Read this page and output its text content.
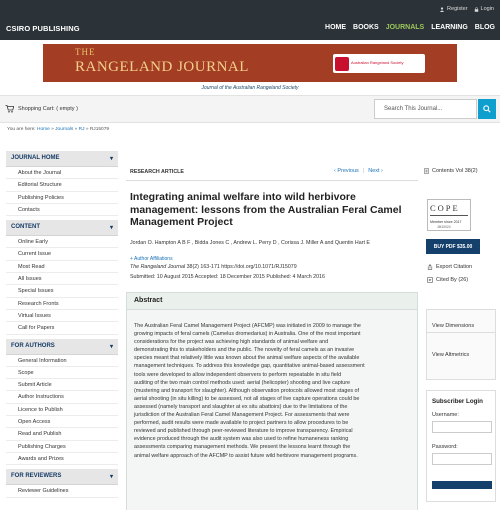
Register Login
CSIRO PUBLISHING	HOME BOOKS JOURNALS LEARNING BLOG
THE
RANGELAND JOURNAL	Australian Rangeland Society
Journal of the Australian Rangeland Society
Shopping Cart: ( empty )	Search This Journal...
You are here: Home » Journals » RJ » RJ15079
JOURNAL HOME	▾
About the Journal
Editorial Structure
Publishing Policies
Contacts
CONTENT	▾
Online Early
Current Issue
Most Read
All Issues
Special Issues
Research Fronts
Virtual Issues
Call for Papers
FOR AUTHORS	▾
General Information
Scope
Submit Article
Author Instructions
Licence to Publish
Open Access
Read and Publish
Publishing Charges
Awards and Prizes
FOR REVIEWERS	▾
Reviewer Guidelines
RESEARCH ARTICLE	‹ Previous | Next ›	Contents Vol 38(2)
Integrating animal welfare into wild herbivore management: lessons from the Australian Feral Camel Management Project
Jordan O. Hampton A B F , Bidda Jones C , Andrew L. Perry D , Corissa J. Miller A and Quentin Hart E
+ Author Affiliations
The Rangeland Journal 38(2) 163-171 https://doi.org/10.1071/RJ15079
Submitted: 10 August 2015 Accepted: 18 December 2015 Published: 4 March 2016
Abstract
The Australian Feral Camel Management Project (AFCMP) was initiated in 2009 to manage the
growing impacts of feral camels (Camelus dromedarius) in Australia. One of the most important
considerations for the project was achieving high standards of animal welfare and
demonstrating this to stakeholders and the public. The novelty of feral camels as an invasive
species meant that relatively little was known about the animal welfare aspects of the available
management techniques. To address this knowledge gap, quantitative animal-based assessment
tools were developed to allow independent observers to perform repeatable in situ field
auditing of the two main control methods used: aerial (helicopter) shooting and live capture
(mustering and transport for slaughter). Although observation protocols allowed most stages of
aerial shooting (in situ killing) to be assessed, not all stages of live capture operations could be
assessed (namely transport and slaughter at ex situ abattoirs) due to the limitations of the
jurisdiction of the Australian Feral Camel Management Project. For assessments that were
performed, audit results were made available to project partners to allow procedures to be
reviewed and published through peer-reviewed literature to improve transparency. Empirical
evidence produced through the audit system was also used to refine humaneness ranking
assessments comparing management methods. We present the lessons learnt through the
animal welfare approach of the AFCMP to assist future wild herbivore management programs.
COPE
Member since 2017
JM10024
BUY PDF $35.00
Export Citation
Cited By (26)
View Dimensions
View Altmetrics
Subscriber Login
Username:
Password:
